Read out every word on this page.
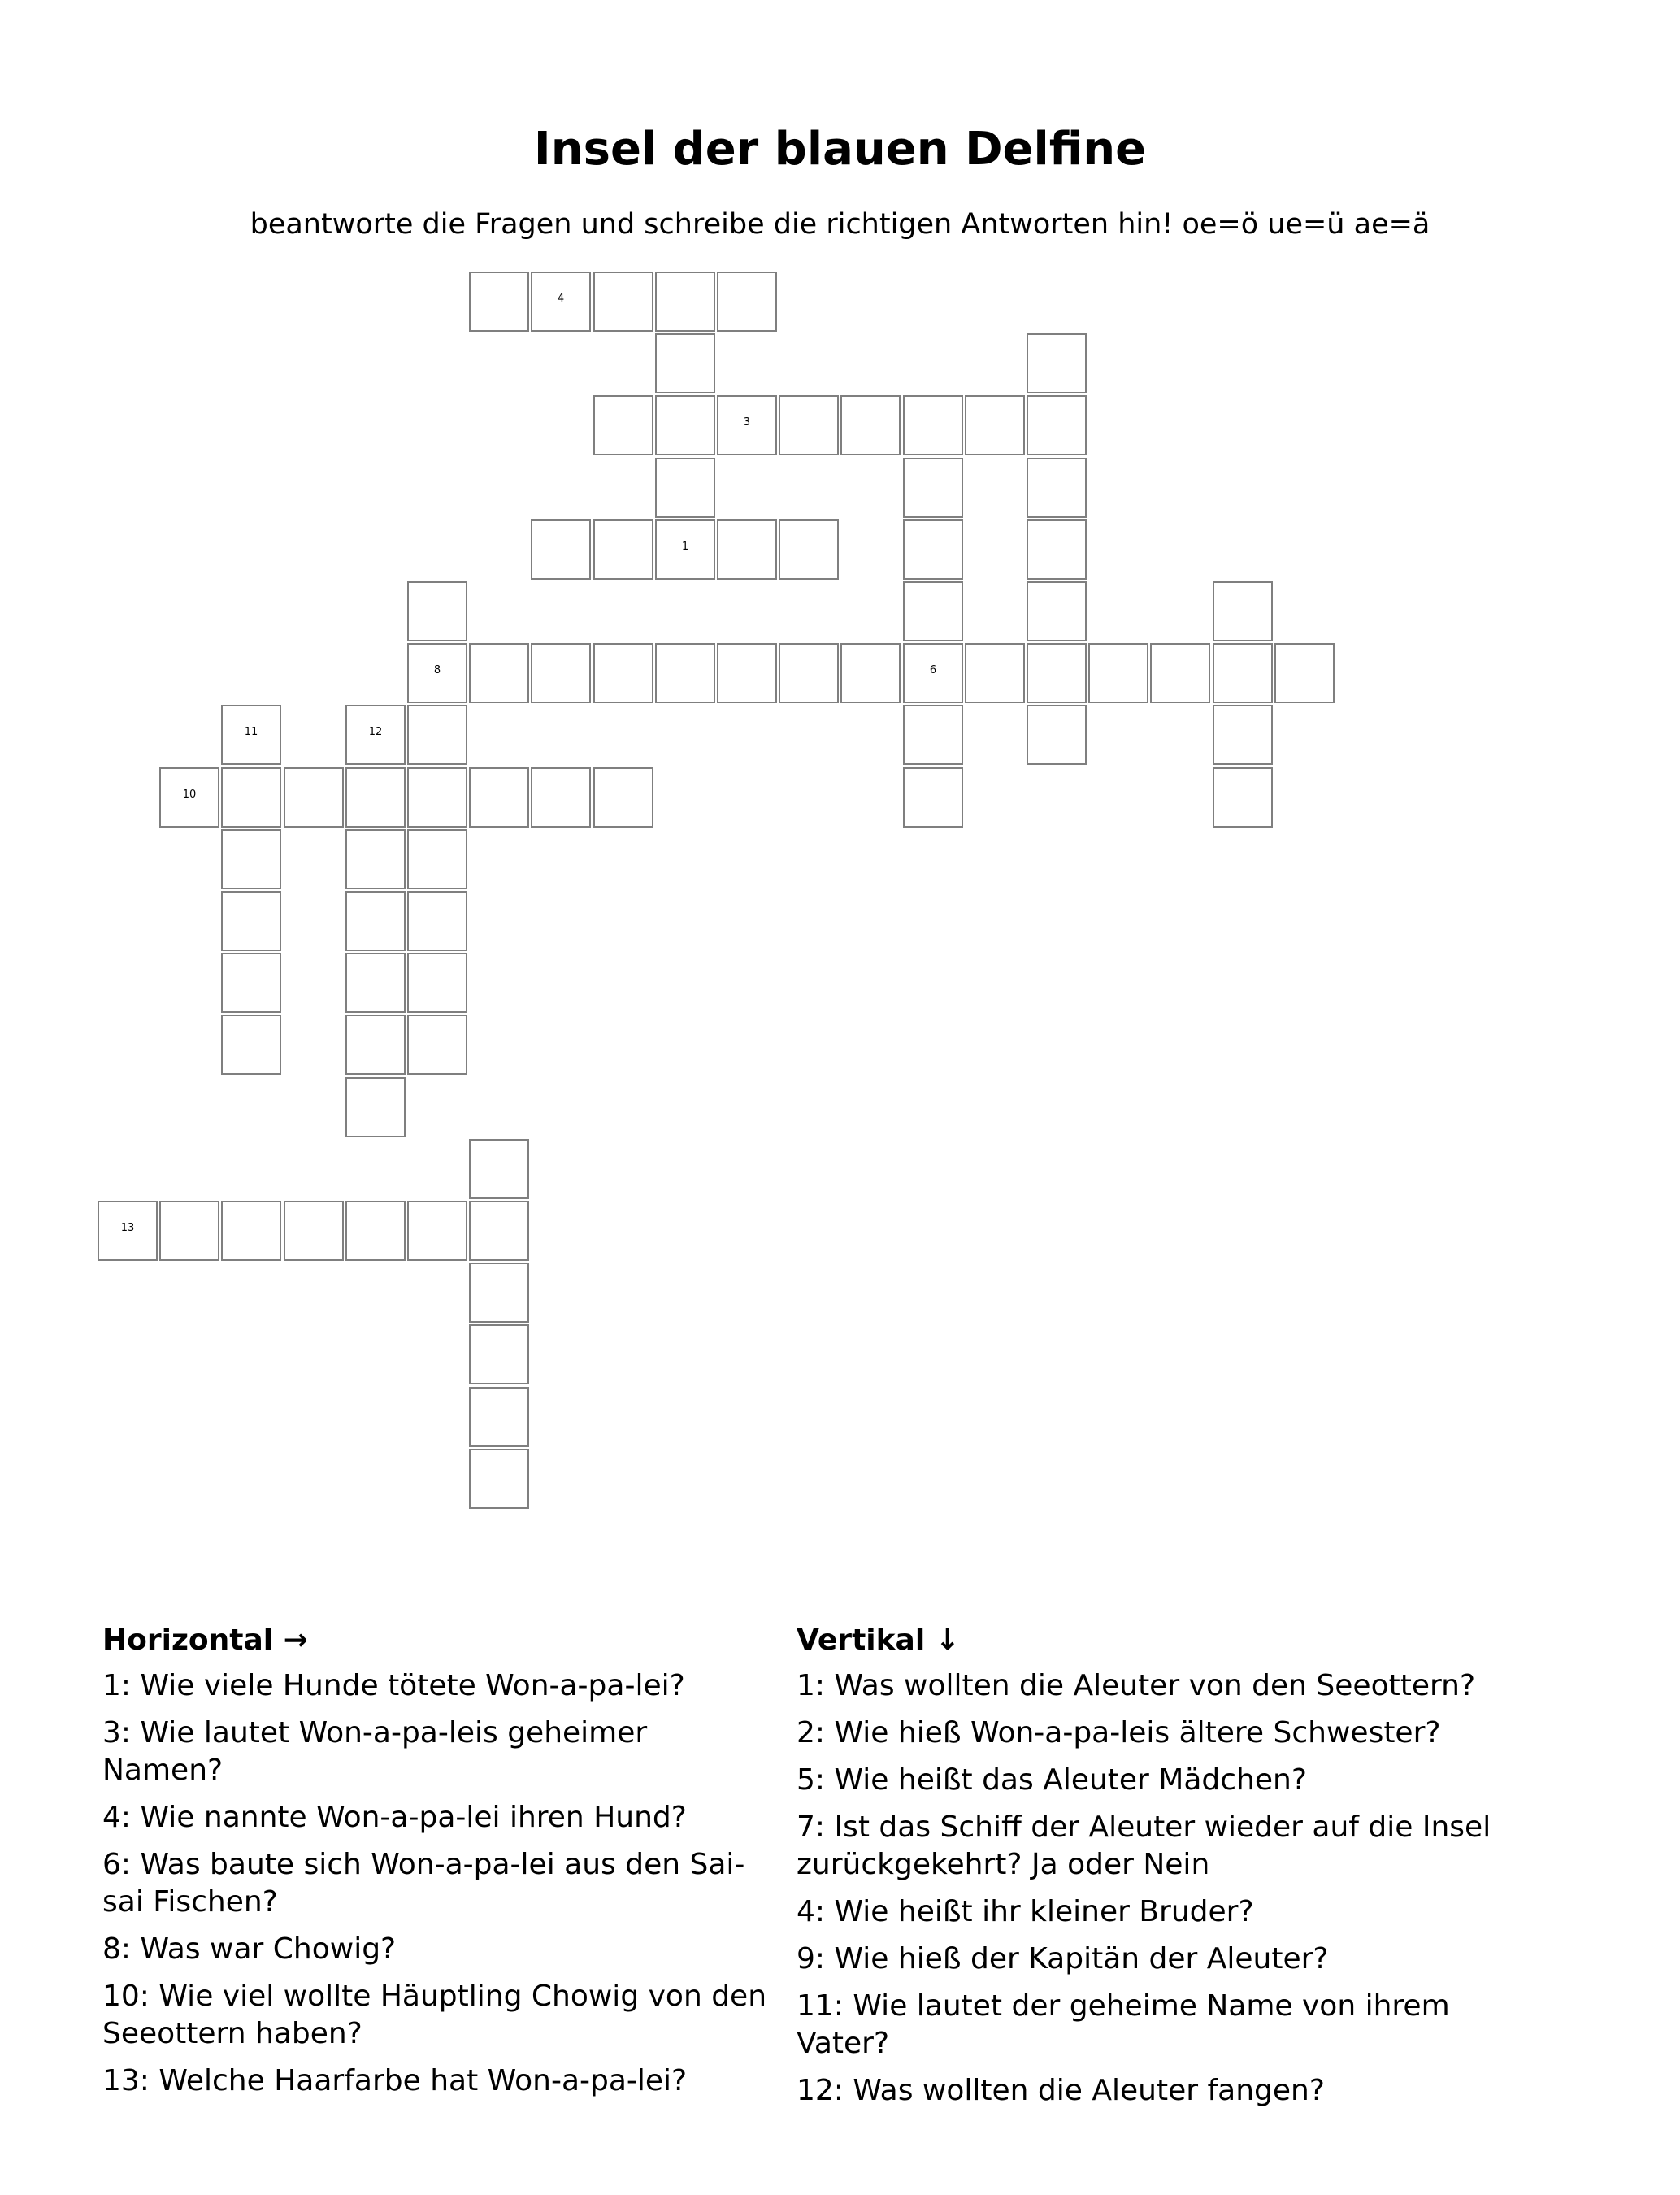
Insel der blauen Delfine
beantworte die Fragen und schreibe die richtigen Antworten hin! oe=ö ue=ü ae=ä
1
6
8
3
4
10
11	12
13
Horizontal →
1: Wie viele Hunde tötete Won-a-pa-lei?
3: Wie lautet Won-a-pa-leis geheimer Namen?
4: Wie nannte Won-a-pa-lei ihren Hund?
6: Was baute sich Won-a-pa-lei aus den Sai-sai Fischen?
8: Was war Chowig?
10: Wie viel wollte Häuptling Chowig von den Seeottern haben?
13: Welche Haarfarbe hat Won-a-pa-lei?
Vertikal ↓
1: Was wollten die Aleuter von den Seeottern?
2: Wie hieß Won-a-pa-leis ältere Schwester?
5: Wie heißt das Aleuter Mädchen?
7: Ist das Schiff der Aleuter wieder auf die Insel zurückgekehrt? Ja oder Nein
4: Wie heißt ihr kleiner Bruder?
9: Wie hieß der Kapitän der Aleuter?
11: Wie lautet der geheime Name von ihrem Vater?
12: Was wollten die Aleuter fangen?
